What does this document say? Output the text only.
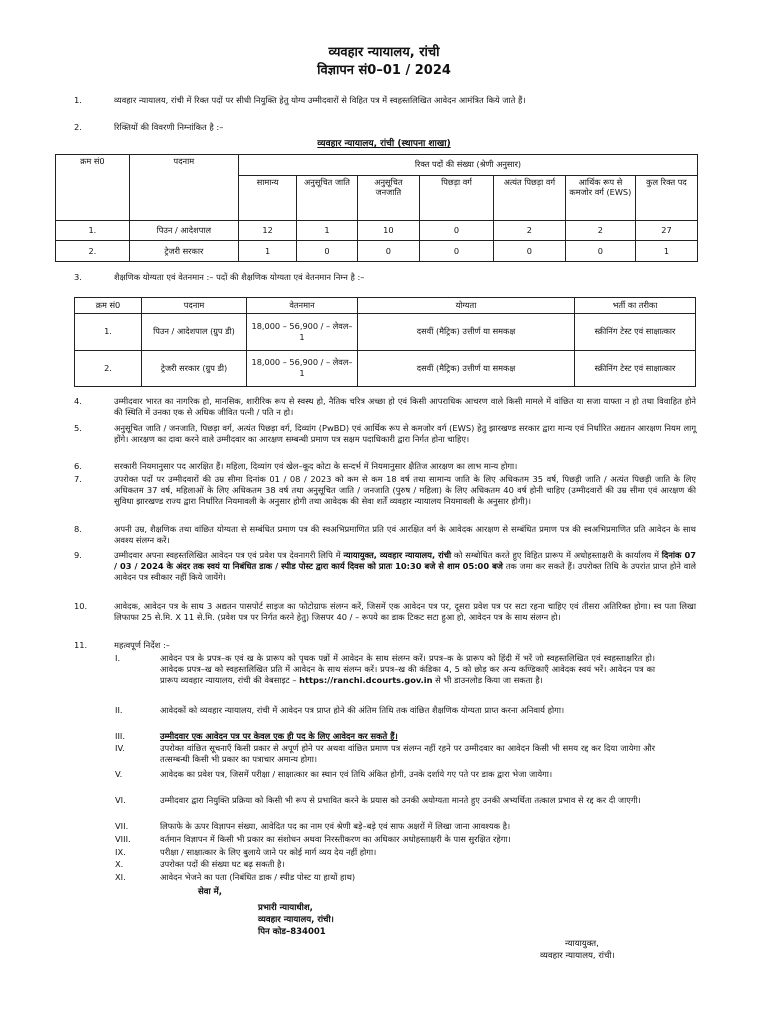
व्यवहार न्यायालय, रांची
विज्ञापन सं0–01 / 2024
1.	व्यवहार न्यायालय, रांची में रिक्त पदों पर सीधी नियुक्ति हेतु योग्य उम्मीदवारों से विहित पत्र में स्वहस्तलिखित आवेदन आमंत्रित किये जाते हैं।
2.	रिक्तियों की विवरणी निम्नांकित है :–
व्यवहार न्यायालय, रांची (स्थापना शाखा)
क्रम सं0	पदनाम	रिक्त पदों की संख्या (श्रेणी अनुसार)						
		सामान्य	अनुसूचित जाति	अनुसूचित जनजाति	पिछड़ा वर्ग	अत्यंत पिछड़ा वर्ग	आर्थिक रूप से कमजोर वर्ग (EWS)	कुल रिक्त पद
1.	पिउन / आदेशपाल	12	1	10	0	2	2	27
2.	ट्रेजरी सरकार	1	0	0	0	0	0	1
3.	शैक्षणिक योग्यता एवं वेतनमान :– पदों की शैक्षणिक योग्यता एवं वेतनमान निम्न है :–
क्रम सं0	पदनाम	वेतनमान	योग्यता	भर्ती का तरीका
1.	पिउन / आदेशपाल (ग्रुप डी)	18,000 – 56,900 / – लेवल–1	दसवीं (मैट्रिक) उत्तीर्ण या समकक्ष	स्क्रीनिंग टेस्ट एवं साक्षात्कार
2.	ट्रेजरी सरकार (ग्रुप डी)	18,000 – 56,900 / – लेवल–1	दसवीं (मैट्रिक) उत्तीर्ण या समकक्ष	स्क्रीनिंग टेस्ट एवं साक्षात्कार
4.	उम्मीदवार भारत का नागरिक हो, मानसिक, शारीरिक रूप से स्वस्थ हो, नैतिक चरित्र अच्छा हो एवं किसी आपराधिक आचरण वाले किसी मामले में वांछित या सजा याफ्ता न हो तथा विवाहित होने की स्थिति में उनका एक से अधिक जीवित पत्नी / पति न हो।
5.	अनुसूचित जाति / जनजाति, पिछड़ा वर्ग, अत्यंत पिछड़ा वर्ग, दिव्यांग (PwBD) एवं आर्थिक रूप से कमजोर वर्ग (EWS) हेतु झारखण्ड सरकार द्वारा मान्य एवं निर्धारित अद्यतन आरक्षण नियम लागू होंगे। आरक्षण का दावा करने वाले उम्मीदवार का आरक्षण सम्बन्धी प्रमाण पत्र सक्षम पदाधिकारी द्वारा निर्गत होना चाहिए।
6.	सरकारी नियमानुसार पद आरक्षित हैं। महिला, दिव्यांग एवं खेल–कूद कोटा के सन्दर्भ में नियमानुसार क्षैतिज आरक्षण का लाभ मान्य होगा।
7.	उपरोक्त पदों पर उम्मीदवारों की उम्र सीमा दिनांक 01 / 08 / 2023 को कम से कम 18 वर्ष तथा सामान्य जाति के लिए अधिकतम 35 वर्ष, पिछड़ी जाति / अत्यंत पिछड़ी जाति के लिए अधिकतम 37 वर्ष, महिलाओं के लिए अधिकतम 38 वर्ष तथा अनुसूचित जाति / जनजाति (पुरुष / महिला) के लिए अधिकतम 40 वर्ष होनी चाहिए (उम्मीदवारों की उम्र सीमा एवं आरक्षण की सुविधा झारखण्ड राज्य द्वारा निर्धारित नियमावली के अनुसार होगी तथा आवेदक की सेवा शर्तें व्यवहार न्यायालय नियमावली के अनुसार होगी)।
8.	अपनी उम्र, शैक्षणिक तथा वांछित योग्यता से सम्बंधित प्रमाण पत्र की स्वअभिप्रमाणित प्रति एवं आरक्षित वर्ग के आवेदक आरक्षण से सम्बंधित प्रमाण पत्र की स्वअभिप्रमाणित प्रति आवेदन के साथ अवश्य संलग्न करें।
9.	उम्मीदवार अपना स्वहस्तलिखित आवेदन पत्र एवं प्रवेश पत्र देवनागरी लिपि में न्यायायुक्त, व्यवहार न्यायालय, रांची को सम्बोधित करते हुए विहित प्रारूप में अधोहस्ताक्षरी के कार्यालय में दिनांक 07 / 03 / 2024 के अंदर तक स्वयं या निबंधित डाक / स्पीड पोस्ट द्वारा कार्य दिवस को प्रातः 10:30 बजे से शाम 05:00 बजे तक जमा कर सकते हैं। उपरोक्त तिथि के उपरांत प्राप्त होने वाले आवेदन पत्र स्वीकार नहीं किये जायेंगे।
10.	आवेदक, आवेदन पत्र के साथ 3 अद्यतन पासपोर्ट साइज का फोटोग्राफ संलग्न करें, जिसमें एक आवेदन पत्र पर, दूसरा प्रवेश पत्र पर सटा रहना चाहिए एवं तीसरा अतिरिक्त होगा। स्व पता लिखा लिफाफा 25 से.मि. X 11 से.मि. (प्रवेश पत्र पर निर्गत करने हेतु) जिसपर 40 / – रूपये का डाक टिकट सटा हुआ हो, आवेदन पत्र के साथ संलग्न हो।
11.	महत्वपूर्ण निर्देश :–
I.	आवेदन पत्र के प्रपत्र–क एवं ख के प्रारूप को पृथक पन्नों में आवेदन के साथ संलग्न करें। प्रपत्र–क के प्रारूप को हिंदी में भरें जो स्वहस्तलिखित एवं स्वहस्ताक्षरित हो। आवेदक प्रपत्र–ख को स्वहस्तलिखित प्रति में आवेदन के साथ संलग्न करें। प्रपत्र–ख की कंडिका 4, 5 को छोड़ कर अन्य कण्डिकाएँ आवेदक स्वयं भरें। आवेदन पत्र का प्रारूप व्यवहार न्यायालय, रांची की वेबसाइट – https://ranchi.dcourts.gov.in से भी डाउनलोड किया जा सकता है।
II.	आवेदकों को व्यवहार न्यायालय, रांची में आवेदन पत्र प्राप्त होने की अंतिम तिथि तक वांछित शैक्षणिक योग्यता प्राप्त करना अनिवार्य होगा।
III.	उम्मीदवार एक आवेदन पत्र पर केवल एक ही पद के लिए आवेदन कर सकते हैं।
IV.	उपरोक्त वांछित सूचनाएँ किसी प्रकार से अपूर्ण होने पर अथवा वांछित प्रमाण पत्र संलग्न नहीं रहने पर उम्मीदवार का आवेदन किसी भी समय रद्द कर दिया जायेगा और तत्सम्बन्धी किसी भी प्रकार का पत्राचार अमान्य होगा।
V.	आवेदक का प्रवेश पत्र, जिसमें परीक्षा / साक्षात्कार का स्थान एवं तिथि अंकित होगी, उनके दर्शाये गए पते पर डाक द्वारा भेजा जायेगा।
VI.	उम्मीदवार द्वारा नियुक्ति प्रक्रिया को किसी भी रूप से प्रभावित करने के प्रयास को उनकी अयोग्यता मानते हुए उनकी अभ्यर्थिता तत्काल प्रभाव से रद्द कर दी जाएगी।
VII.	लिफाफे के ऊपर विज्ञापन संख्या, आवेदित पद का नाम एवं श्रेणी बड़े–बड़े एवं साफ अक्षरों में लिखा जाना आवश्यक है।
VIII.	वर्तमान विज्ञापन में किसी भी प्रकार का संशोधन अथवा निरस्तीकरण का अधिकार अधोहस्ताक्षरी के पास सुरक्षित रहेगा।
IX.	परीक्षा / साक्षात्कार के लिए बुलाये जाने पर कोई मार्ग व्यय देय नहीं होगा।
X.	उपरोक्त पदों की संख्या घट बढ़ सकती है।
XI.	आवेदन भेजने का पता (निबंधित डाक / स्पीड पोस्ट या हाथों हाथ)
सेवा में,
प्रभारी न्यायाधीश,
व्यवहार न्यायालय, रांची।
पिन कोड–834001
न्यायायुक्त,
व्यवहार न्यायालय, रांची।
